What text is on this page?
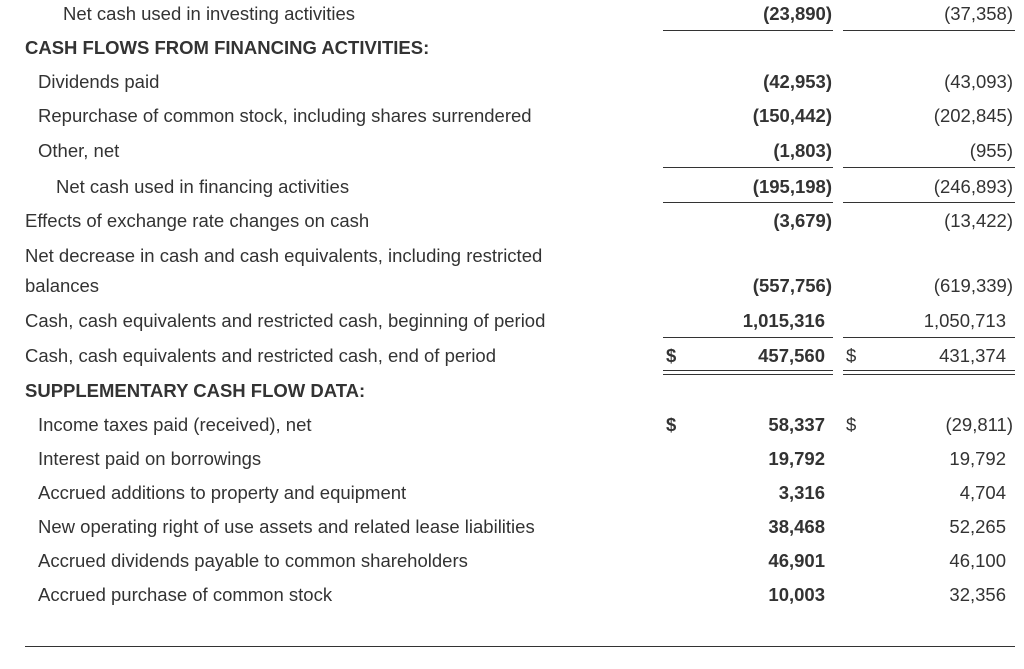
Net cash used in investing activities	(23,890)	(37,358)
CASH FLOWS FROM FINANCING ACTIVITIES:
Dividends paid	(42,953)	(43,093)
Repurchase of common stock, including shares surrendered	(150,442)	(202,845)
Other, net	(1,803)	(955)
Net cash used in financing activities	(195,198)	(246,893)
Effects of exchange rate changes on cash	(3,679)	(13,422)
Net decrease in cash and cash equivalents, including restricted
balances	(557,756)	(619,339)
Cash, cash equivalents and restricted cash, beginning of period	1,015,316	1,050,713
Cash, cash equivalents and restricted cash, end of period	$	457,560 $	431,374
SUPPLEMENTARY CASH FLOW DATA:
Income taxes paid (received), net	$	58,337 $	(29,811)
Interest paid on borrowings	19,792	19,792
Accrued additions to property and equipment	3,316	4,704
New operating right of use assets and related lease liabilities	38,468	52,265
Accrued dividends payable to common shareholders	46,901	46,100
Accrued purchase of common stock	10,003	32,356
